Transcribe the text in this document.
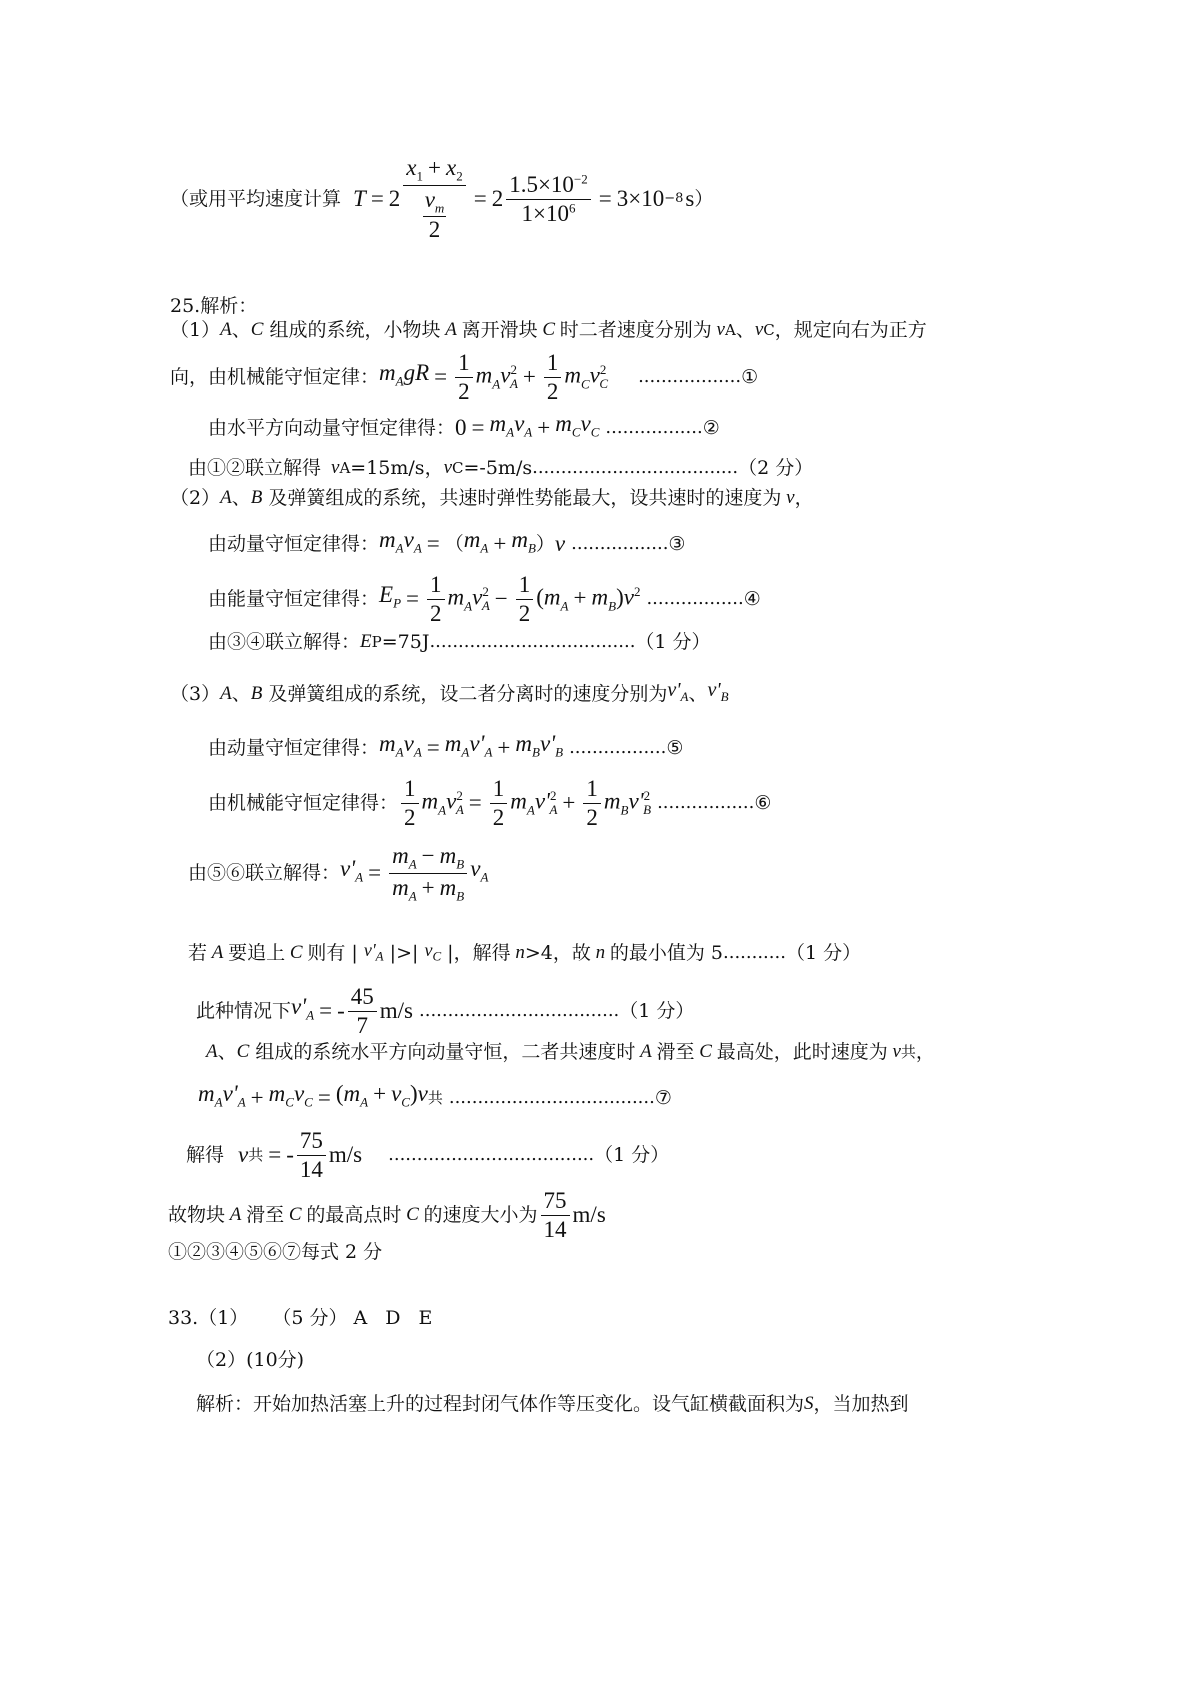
（或用平均速度计算 T = 2 $x_1 + x_2$
$v_m$
$2 = 2 \frac{1.5\times 10^{-2}}{1\times 10^6} = 3\times 10 -8$ s ）
25.解析：
（1） A 、 C
组成的系统，小物块 A 离开滑块 C 时二者速度分别为 v A 、 v C ，规定向右为正方
向，由机械能守恒定律： $m_AgR = \frac{1}{2} m_Av^2_A + \frac{1}{2} m_Cv^2_C$ .................. ①
由水平方向动量守恒定律得： $0 = m_Av_A + m_Cv_C$ ................. ②
由①②联立解得 v A =15m/s ， v C =-5m/s .................................... （2 分）
（2） A 、 B
及弹簧组成的系统，共速时弹性势能最大，设共速时的速度为 v ，
由动量守恒定律得： $m_Av_A$ = （ $m_A + m_B$ ） v ................. ③
由能量守恒定律得： $E_P = \frac{1}{2} m_Av^2_A - \frac{1}{2} (m_A + m_B)v^2$ ................. ④
由③④联立解得： E P =75J .................................... （1 分）
（3） A 、 B
及弹簧组成的系统，设二者分离时的速度分别为 $v'_A$ 、 $v'_B$
由动量守恒定律得： $m_Av_A = m_Av'_A + m_Bv'_B$ ................. ⑤
由机械能守恒定律得： $\frac{1}{2} m_Av^2_A = \frac{1}{2} m_Av'^2_A + \frac{1}{2} m_Bv'^2_B$ ................. ⑥
由⑤⑥联立解得： $v'_A = \frac{m_A - m_B}{m_A + m_B} v_A$
若 A 要追上 C 则有 | $v'_A$ |>| $v_C$ | ，解得 n >4 ，故 n 的最小值为 5 ........... （1 分）
此种情况下 $v'_A$ = - $\frac{45}{7} m/s$ ................................... （1 分）
A 、 C
组成的系统水平方向动量守恒，二者共速度时 A 滑至 C 最高处，此时速度为 v 共 ，
$m_Av'_A + m_Cv_C = (m_A + v_C)v$ 共 .................................... ⑦
解得 v 共 = - $\frac{75}{14} m/s$ .................................... （1 分）
故物块 A 滑至 C 的最高点时 C 的速度大小为 $\frac{75}{14} m/s$
①②③④⑤⑥⑦每式 2 分
33.（1） （5 分） A D E
（2）(10分)
解析：开始加热活塞上升的过程封闭气体作等压变化。设气缸横截面积为 S ，当加热到
